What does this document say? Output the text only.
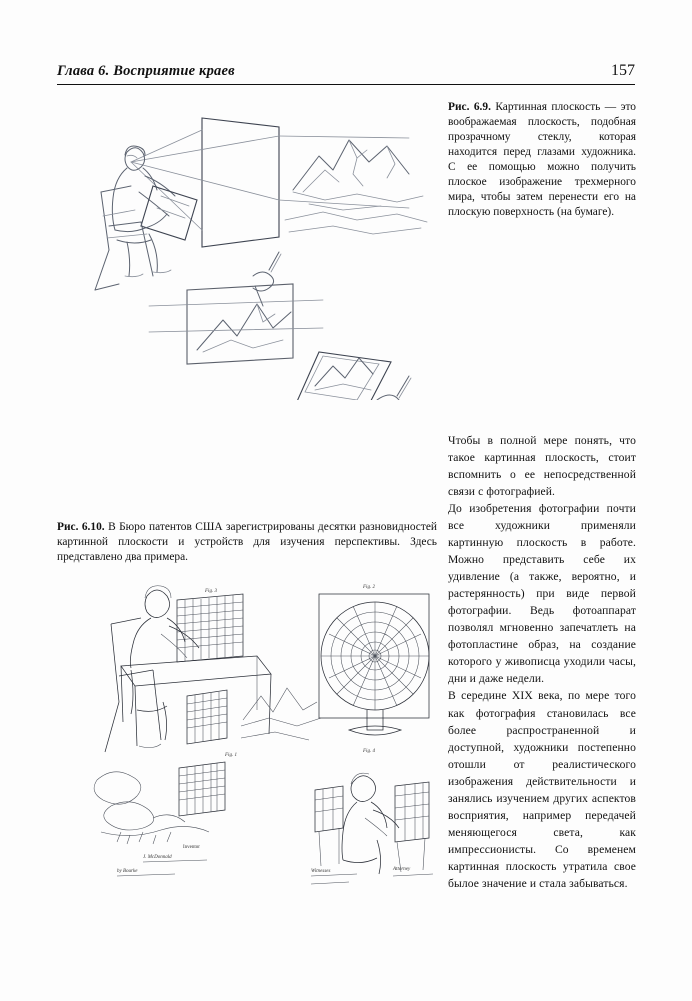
Глава 6. Восприятие краев	157
Рис. 6.10. В Бюро патентов США зарегистрированы десятки разновидностей картинной плоскости и устройств для изучения перспективы. Здесь представлено два примера.
Fig. 3
Fig. 1
J. McDonnald
by Bourke
Inventor
Fig. 2
Fig. 4
Witnesses	Attorney
Рис. 6.9. Картинная плоскость — это воображаемая плоскость, подобная прозрачному стеклу, которая находится перед глазами художника. С ее помощью можно получить плоское изображение трехмерного мира, чтобы затем перенести его на плоскую поверхность (на бумаге).

Чтобы в полной мере понять, что такое картинная плоскость, стоит вспомнить о ее непосредственной связи с фотографией.

До изобретения фотографии почти все художники применяли картинную плоскость в работе. Можно представить себе их удивление (а также, вероятно, и растерянность) при виде первой фотографии. Ведь фотоаппарат позволял мгновенно запечатлеть на фотопластине образ, на создание которого у живописца уходили часы, дни и даже недели.

В середине XIX века, по мере того как фотография становилась все более распространенной и доступной, художники постепенно отошли от реалистического изображения действительности и занялись изучением других аспектов восприятия, например передачей меняющегося света, как импрессионисты. Со временем картинная плоскость утратила свое былое значение и стала забываться.
